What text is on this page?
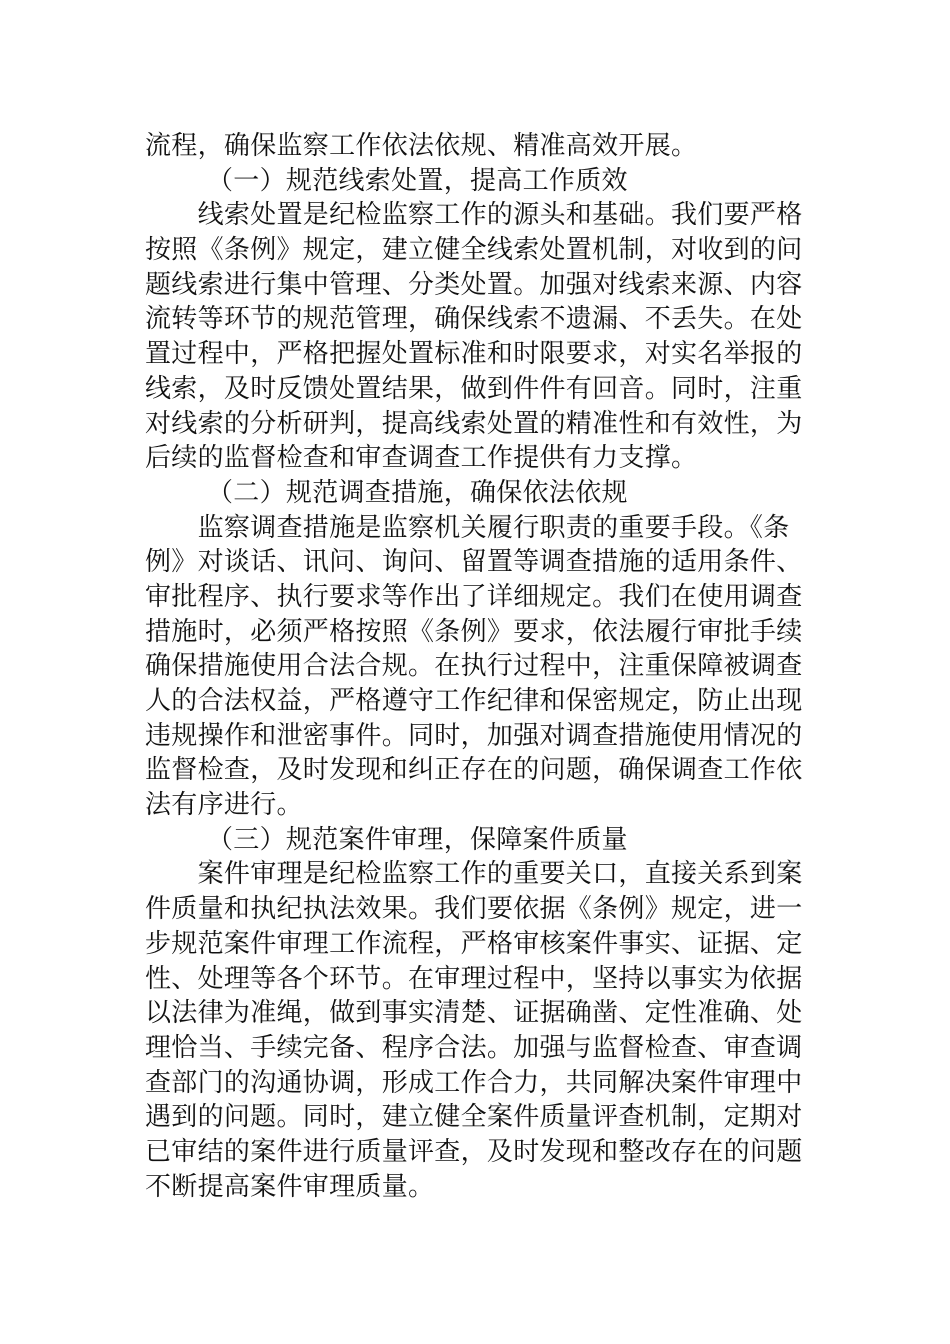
流程，确保监察工作依法依规、精准高效开展。
（一）规范线索处置，提高工作质效
　　线索处置是纪检监察工作的源头和基础。我们要严格
按照《条例》规定，建立健全线索处置机制，对收到的问
题线索进行集中管理、分类处置。加强对线索来源、内容
流转等环节的规范管理，确保线索不遗漏、不丢失。在处
置过程中，严格把握处置标准和时限要求，对实名举报的
线索，及时反馈处置结果，做到件件有回音。同时，注重
对线索的分析研判，提高线索处置的精准性和有效性，为
后续的监督检查和审查调查工作提供有力支撑。
（二）规范调查措施，确保依法依规
　　监察调查措施是监察机关履行职责的重要手段。《条
例》对谈话、讯问、询问、留置等调查措施的适用条件、
审批程序、执行要求等作出了详细规定。我们在使用调查
措施时，必须严格按照《条例》要求，依法履行审批手续
确保措施使用合法合规。在执行过程中，注重保障被调查
人的合法权益，严格遵守工作纪律和保密规定，防止出现
违规操作和泄密事件。同时，加强对调查措施使用情况的
监督检查，及时发现和纠正存在的问题，确保调查工作依
法有序进行。
（三）规范案件审理，保障案件质量
　　案件审理是纪检监察工作的重要关口，直接关系到案
件质量和执纪执法效果。我们要依据《条例》规定，进一
步规范案件审理工作流程，严格审核案件事实、证据、定
性、处理等各个环节。在审理过程中，坚持以事实为依据
以法律为准绳，做到事实清楚、证据确凿、定性准确、处
理恰当、手续完备、程序合法。加强与监督检查、审查调
查部门的沟通协调，形成工作合力，共同解决案件审理中
遇到的问题。同时，建立健全案件质量评查机制，定期对
已审结的案件进行质量评查，及时发现和整改存在的问题
不断提高案件审理质量。
